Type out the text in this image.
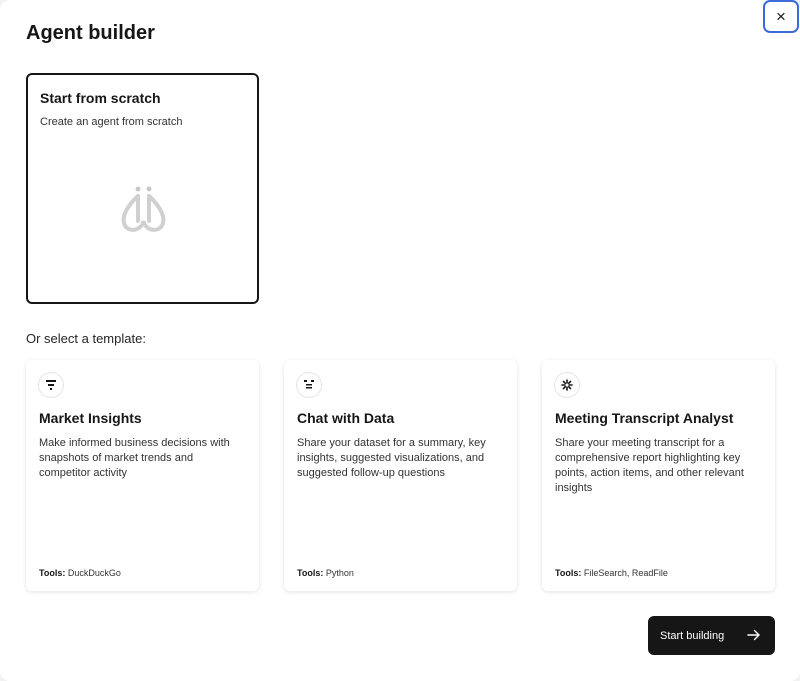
×
Agent builder
Start from scratch
Create an agent from scratch
Or select a template:
Market Insights
Make informed business decisions with snapshots of market trends and competitor activity
Tools: DuckDuckGo
Chat with Data
Share your dataset for a summary, key insights, suggested visualizations, and suggested follow-up questions
Tools: Python
Meeting Transcript Analyst
Share your meeting transcript for a comprehensive report highlighting key points, action items, and other relevant insights
Tools: FileSearch, ReadFile
Start building
